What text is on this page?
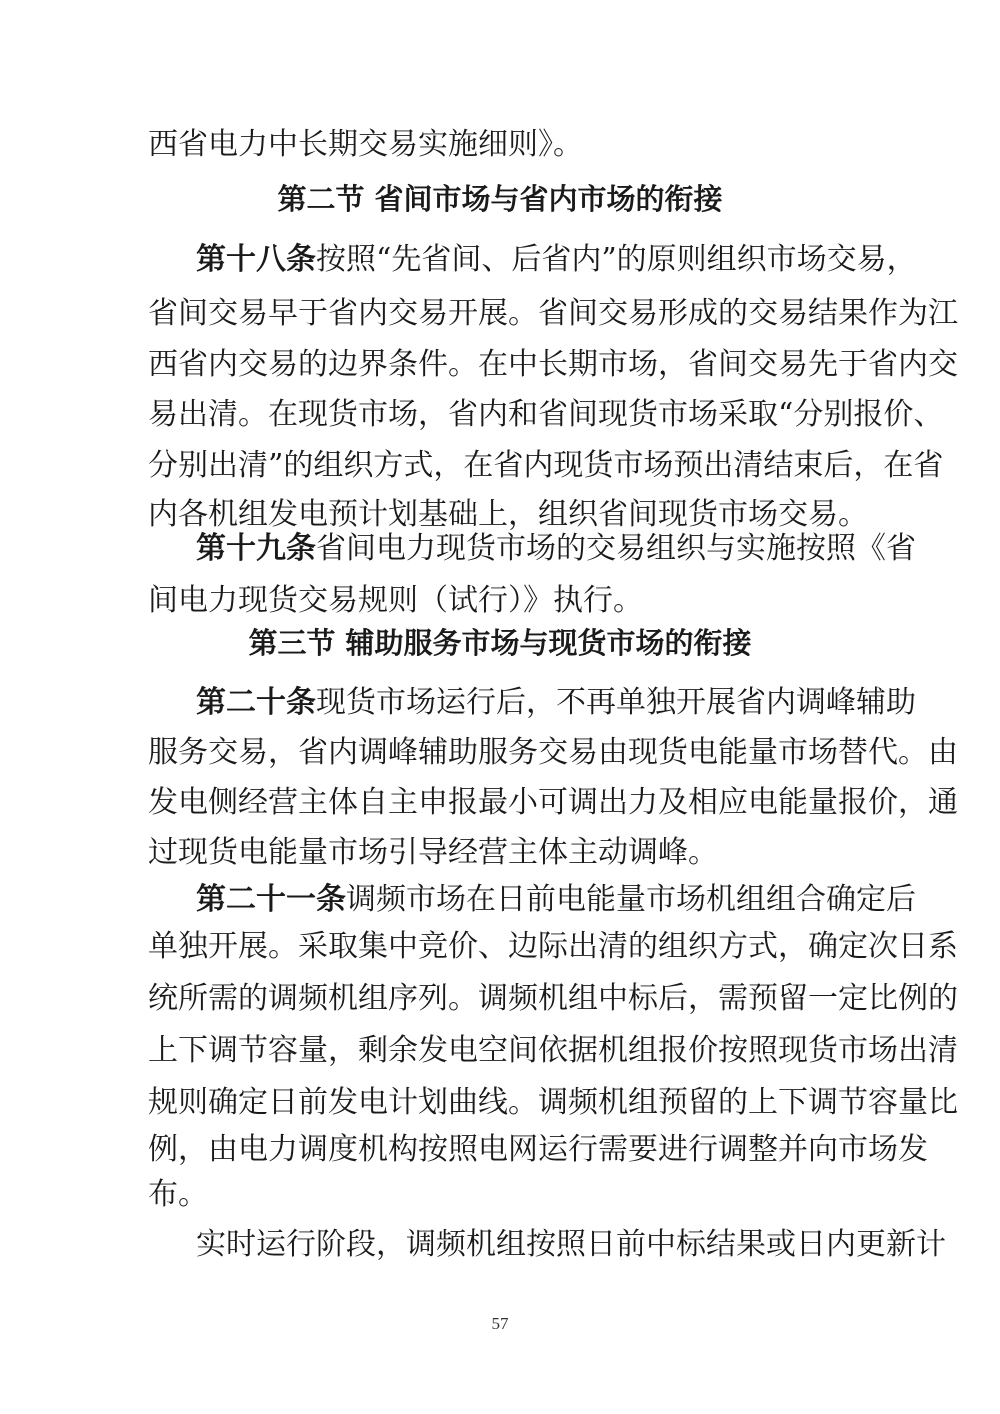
西省电力中长期交易实施细则》。
第二节 省间市场与省内市场的衔接
第十八条按照“先省间、后省内”的原则组织市场交易，
省间交易早于省内交易开展。省间交易形成的交易结果作为江
西省内交易的边界条件。在中长期市场，省间交易先于省内交
易出清。在现货市场，省内和省间现货市场采取“分别报价、
分别出清”的组织方式，在省内现货市场预出清结束后，在省
内各机组发电预计划基础上，组织省间现货市场交易。
第十九条省间电力现货市场的交易组织与实施按照《省
间电力现货交易规则（试行）》执行。
第三节 辅助服务市场与现货市场的衔接
第二十条现货市场运行后，不再单独开展省内调峰辅助
服务交易，省内调峰辅助服务交易由现货电能量市场替代。由
发电侧经营主体自主申报最小可调出力及相应电能量报价，通
过现货电能量市场引导经营主体主动调峰。
第二十一条调频市场在日前电能量市场机组组合确定后
单独开展。采取集中竞价、边际出清的组织方式，确定次日系
统所需的调频机组序列。调频机组中标后，需预留一定比例的
上下调节容量，剩余发电空间依据机组报价按照现货市场出清
规则确定日前发电计划曲线。调频机组预留的上下调节容量比
例，由电力调度机构按照电网运行需要进行调整并向市场发
布。
实时运行阶段，调频机组按照日前中标结果或日内更新计
57
